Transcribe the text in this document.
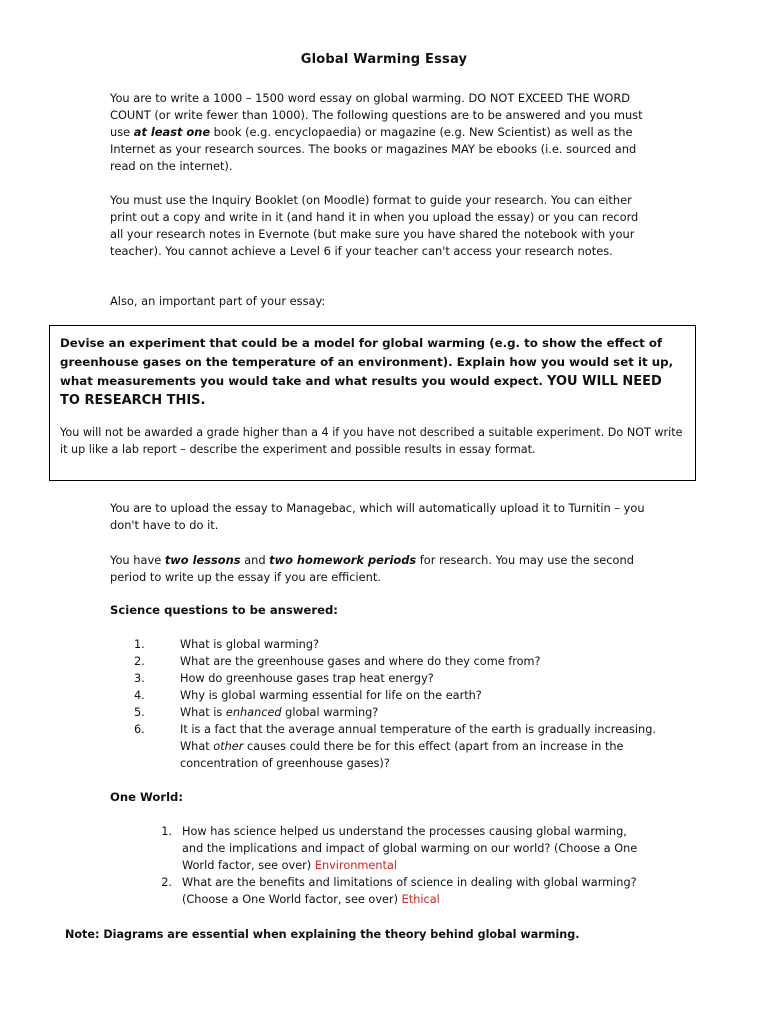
Global Warming Essay

You are to write a 1000 – 1500 word essay on global warming. DO NOT EXCEED THE WORD COUNT (or write fewer than 1000). The following questions are to be answered and you must use at least one book (e.g. encyclopaedia) or magazine (e.g. New Scientist) as well as the Internet as your research sources. The books or magazines MAY be ebooks (i.e. sourced and read on the internet).

You must use the Inquiry Booklet (on Moodle) format to guide your research. You can either print out a copy and write in it (and hand it in when you upload the essay) or you can record all your research notes in Evernote (but make sure you have shared the notebook with your teacher). You cannot achieve a Level 6 if your teacher can't access your research notes.

Also, an important part of your essay:

Devise an experiment that could be a model for global warming (e.g. to show the effect of greenhouse gases on the temperature of an environment). Explain how you would set it up, what measurements you would take and what results you would expect. YOU WILL NEED TO RESEARCH THIS.

You will not be awarded a grade higher than a 4 if you have not described a suitable experiment. Do NOT write it up like a lab report – describe the experiment and possible results in essay format.

You are to upload the essay to Managebac, which will automatically upload it to Turnitin – you don't have to do it.

You have two lessons and two homework periods for research. You may use the second period to write up the essay if you are efficient.

Science questions to be answered:
1.	What is global warming?
2.	What are the greenhouse gases and where do they come from?
3.	How do greenhouse gases trap heat energy?
4.	Why is global warming essential for life on the earth?
5.	What is enhanced global warming?
6.	It is a fact that the average annual temperature of the earth is gradually increasing. What other causes could there be for this effect (apart from an increase in the concentration of greenhouse gases)?
One World:
1. How has science helped us understand the processes causing global warming, and the implications and impact of global warming on our world? (Choose a One World factor, see over) Environmental
2. What are the benefits and limitations of science in dealing with global warming? (Choose a One World factor, see over) Ethical
Note: Diagrams are essential when explaining the theory behind global warming.
